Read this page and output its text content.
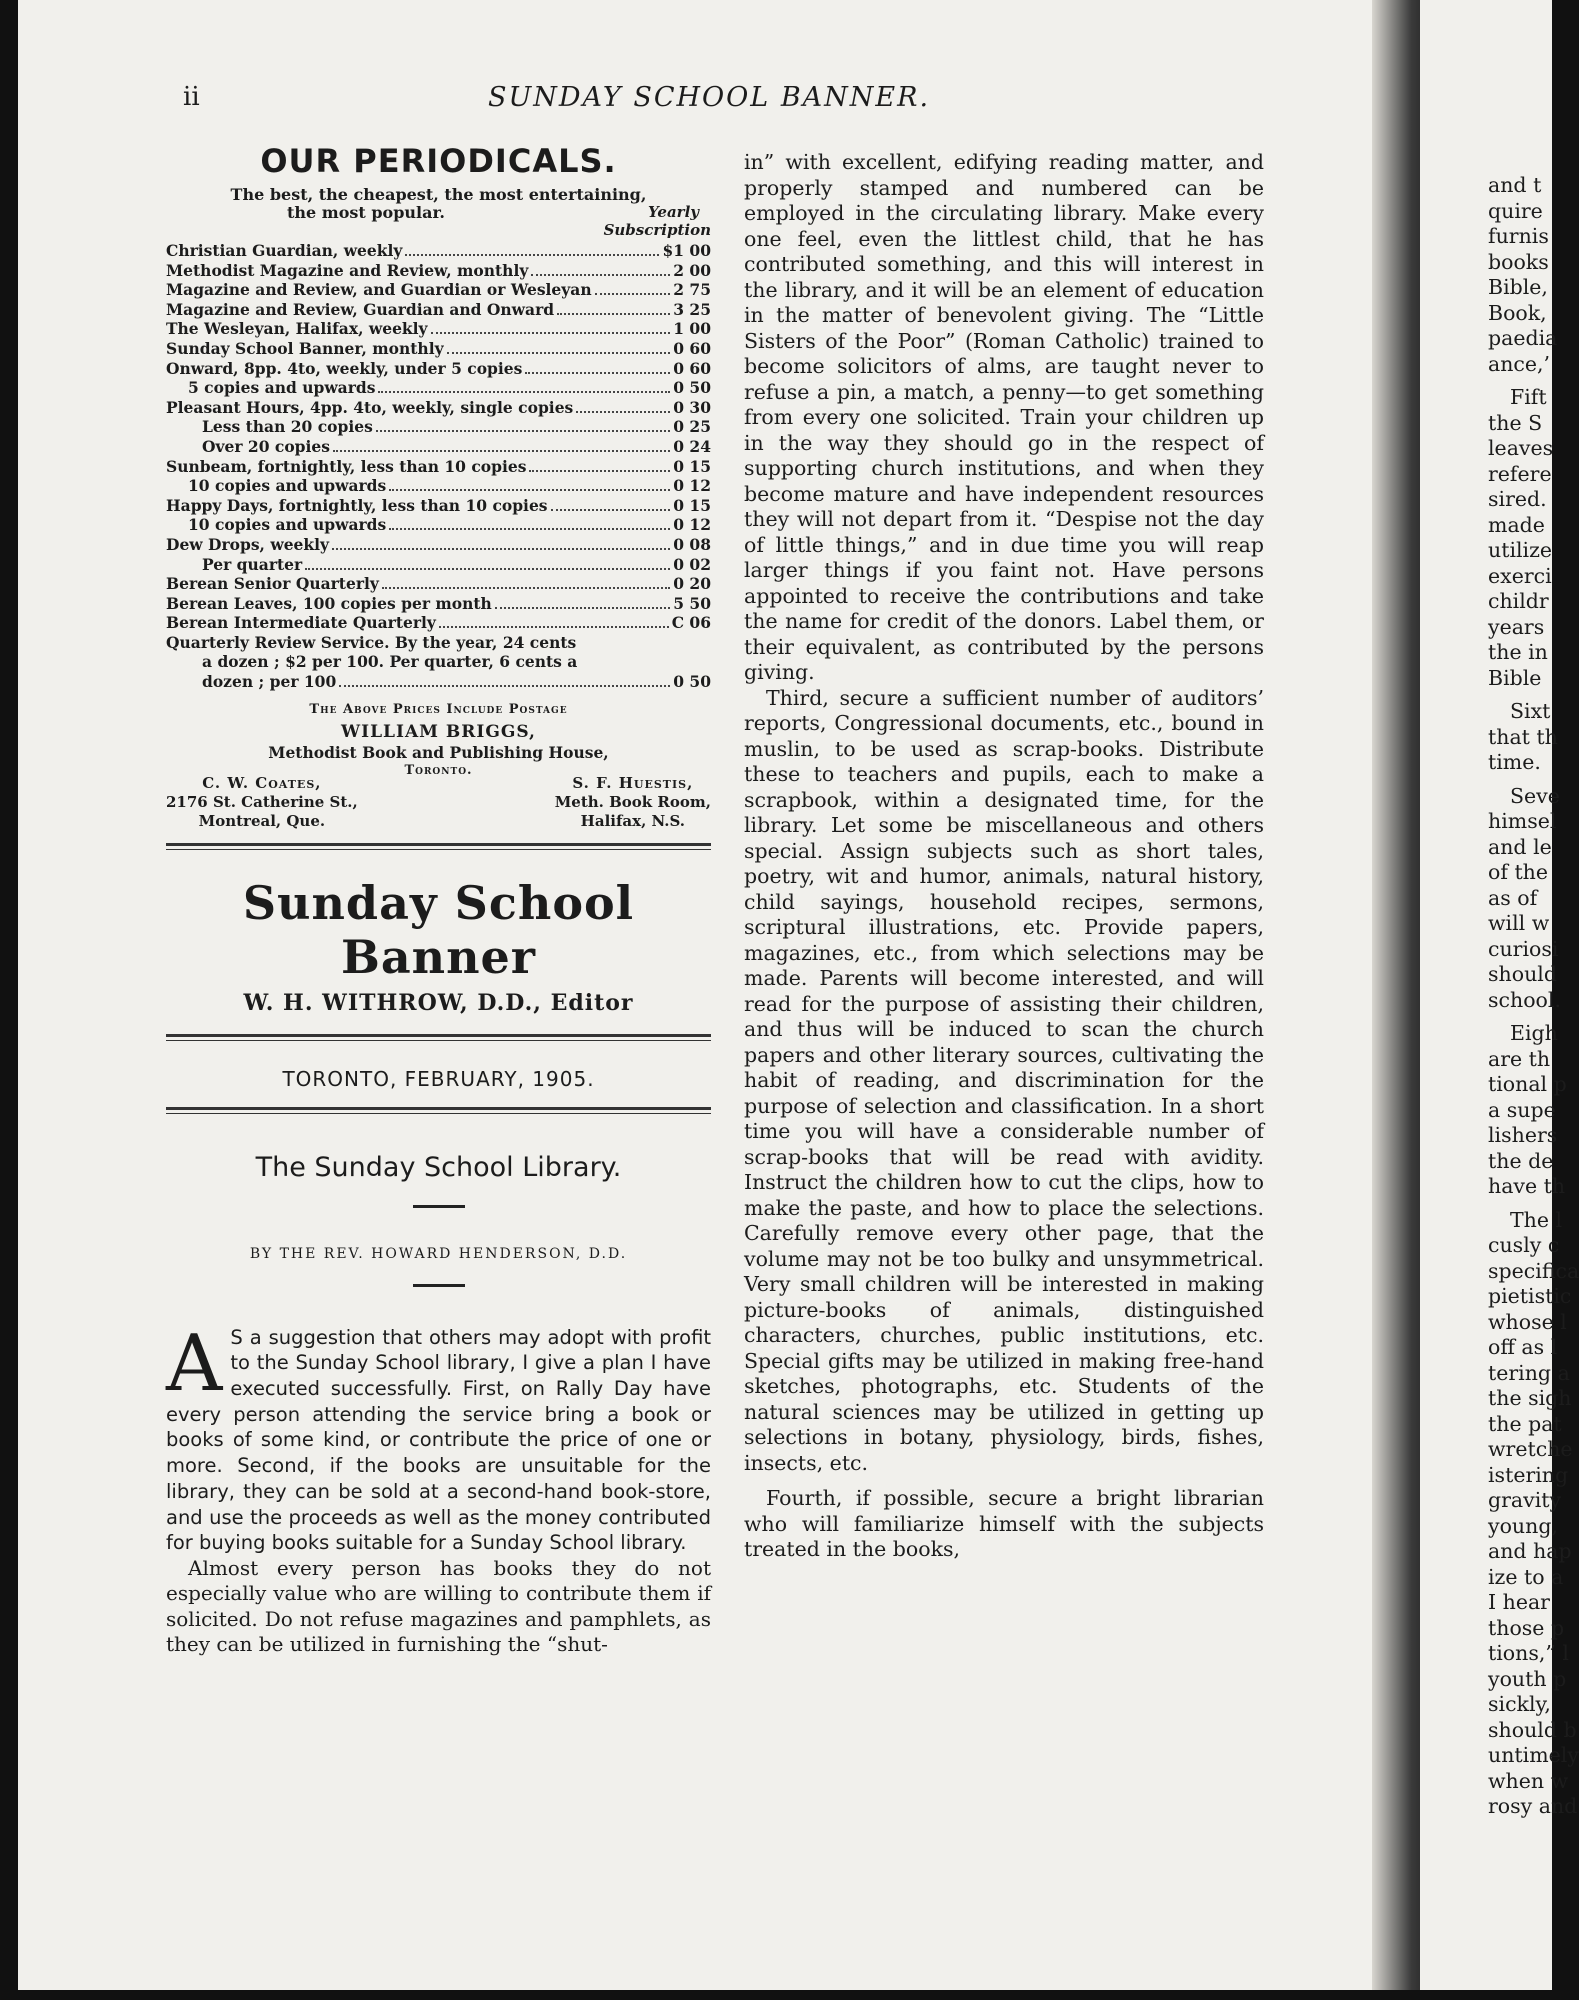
ii	SUNDAY SCHOOL BANNER.
OUR PERIODICALS.
The best, the cheapest, the most entertaining,
the most popular.	Yearly
Subscription
Christian Guardian, weekly	$1 00
Methodist Magazine and Review, monthly	2 00
Magazine and Review, and Guardian or Wesleyan	2 75
Magazine and Review, Guardian and Onward	3 25
The Wesleyan, Halifax, weekly	1 00
Sunday School Banner, monthly	0 60
Onward, 8pp. 4to, weekly, under 5 copies	0 60
5 copies and upwards	0 50
Pleasant Hours, 4pp. 4to, weekly, single copies	0 30
Less than 20 copies	0 25
Over 20 copies	0 24
Sunbeam, fortnightly, less than 10 copies	0 15
10 copies and upwards	0 12
Happy Days, fortnightly, less than 10 copies	0 15
10 copies and upwards	0 12
Dew Drops, weekly	0 08
Per quarter	0 02
Berean Senior Quarterly	0 20
Berean Leaves, 100 copies per month	5 50
Berean Intermediate Quarterly	C 06
Quarterly Review Service. By the year, 24 cents
a dozen ; $2 per 100. Per quarter, 6 cents a
dozen ; per 100	0 50
The Above Prices Include Postage
WILLIAM BRIGGS,
Methodist Book and Publishing House,
Toronto.
C. W. Coates,
2176 St. Catherine St.,
Montreal, Que.
S. F. Huestis,
Meth. Book Room,
Halifax, N.S.
Sunday School Banner
W. H. WITHROW, D.D., Editor
TORONTO, FEBRUARY, 1905.
The Sunday School Library.
BY THE REV. HOWARD HENDERSON, D.D.
A S a suggestion that others may adopt with profit to the Sunday School library, I give a plan I have executed successfully. First, on Rally Day have every person attending the service bring a book or books of some kind, or contribute the price of one or more. Second, if the books are unsuitable for the library, they can be sold at a second-hand book-store, and use the proceeds as well as the money contributed for buying books suitable for a Sunday School library.

Almost every person has books they do not especially value who are willing to contribute them if solicited. Do not refuse magazines and pamphlets, as they can be utilized in furnishing the “shut-

in” with excellent, edifying reading matter, and properly stamped and numbered can be employed in the circulating library. Make every one feel, even the littlest child, that he has contributed something, and this will interest in the library, and it will be an element of education in the matter of benevolent giving. The “Little Sisters of the Poor” (Roman Catholic) trained to become solicitors of alms, are taught never to refuse a pin, a match, a penny—to get something from every one solicited. Train your children up in the way they should go in the respect of supporting church institutions, and when they become mature and have independent resources they will not depart from it. “Despise not the day of little things,” and in due time you will reap larger things if you faint not. Have persons appointed to receive the contributions and take the name for credit of the donors. Label them, or their equivalent, as contributed by the persons giving.

Third, secure a sufficient number of auditors’ reports, Congressional documents, etc., bound in muslin, to be used as scrap-books. Distribute these to teachers and pupils, each to make a scrapbook, within a designated time, for the library. Let some be miscellaneous and others special. Assign subjects such as short tales, poetry, wit and humor, animals, natural history, child sayings, household recipes, sermons, scriptural illustrations, etc. Provide papers, magazines, etc., from which selections may be made. Parents will become interested, and will read for the purpose of assisting their children, and thus will be induced to scan the church papers and other literary sources, cultivating the habit of reading, and discrimination for the purpose of selection and classification. In a short time you will have a considerable number of scrap-books that will be read with avidity. Instruct the children how to cut the clips, how to make the paste, and how to place the selections. Carefully remove every other page, that the volume may not be too bulky and unsymmetrical. Very small children will be interested in making picture-books of animals, distinguished characters, churches, public institutions, etc. Special gifts may be utilized in making free-hand sketches, photographs, etc. Students of the natural sciences may be utilized in getting up selections in botany, physiology, birds, fishes, insects, etc.

Fourth, if possible, secure a bright librarian who will familiarize himself with the subjects treated in the books,

and t
quire
furnis
books
Bible,
Book,
paedia
ance,’
Fift
the S
leaves
refere
sired.
made
utilize
exerci
childr
years
the in
Bible
Sixt
that th
time.
Seve
himsel
and le
of the
as of
will w
curiosi
should
school.
Eigh
are th
tional p
a supe
lishers
the de
have th
The l
cusly c
specifica
pietistic
whose l
off as l
tering a
the sigh
the pat
wretche
istering
gravity
young,
and hap
ize to a
I hear
those p
tions,” l
youth p
sickly,
should b
untimely
when w
rosy and
